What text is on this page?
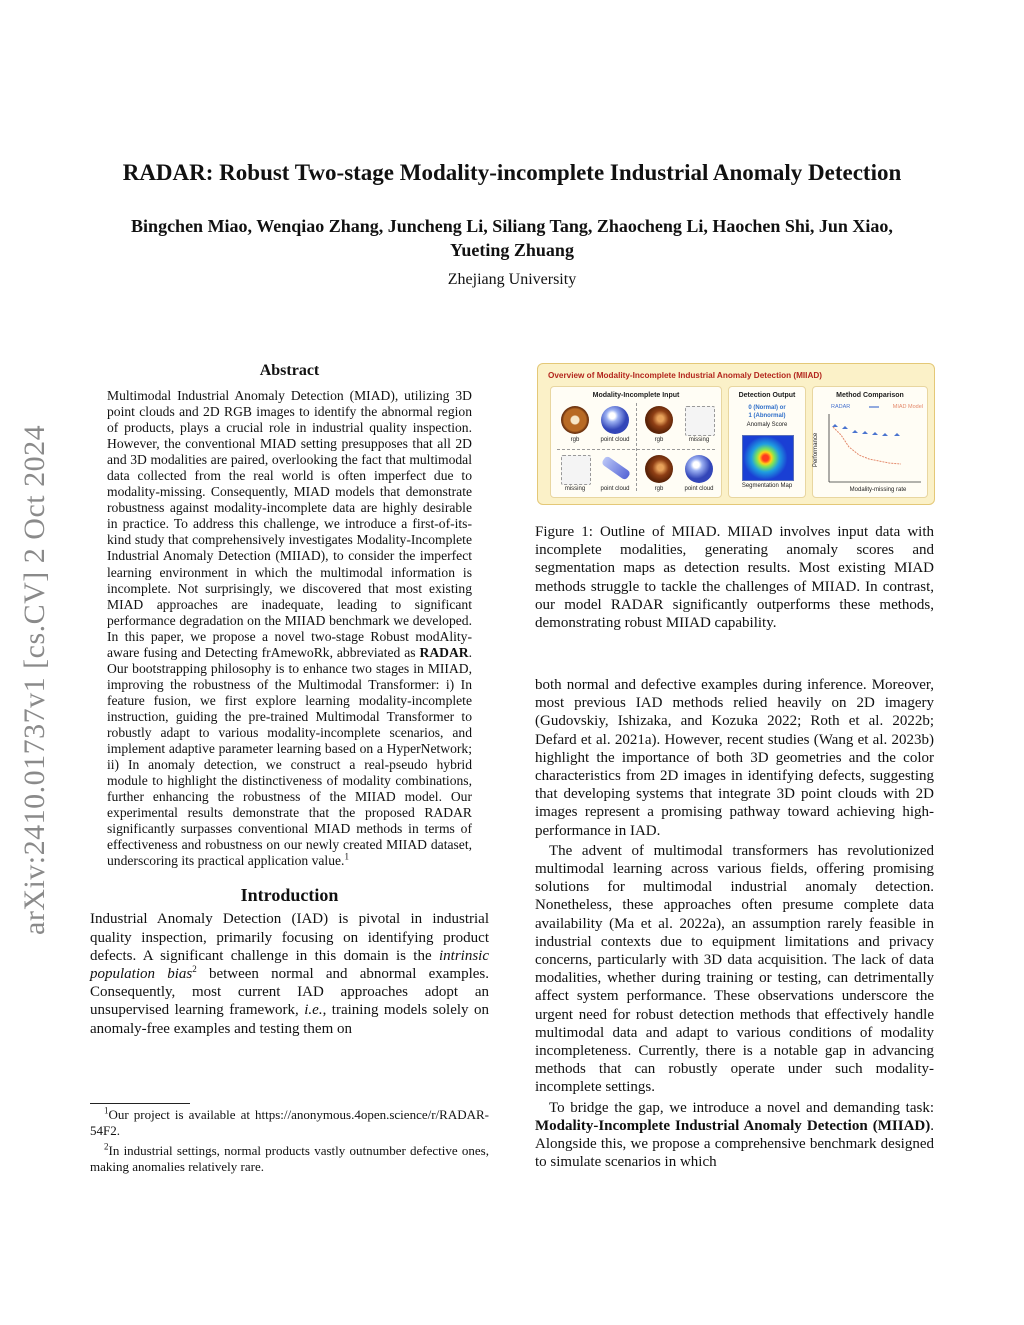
arXiv:2410.01737v1 [cs.CV] 2 Oct 2024
RADAR: Robust Two-stage Modality-incomplete Industrial Anomaly Detection

Bingchen Miao, Wenqiao Zhang, Juncheng Li, Siliang Tang, Zhaocheng Li, Haochen Shi, Jun Xiao, Yueting Zhuang

Zhejiang University

Abstract

Multimodal Industrial Anomaly Detection (MIAD), utilizing 3D point clouds and 2D RGB images to identify the abnormal region of products, plays a crucial role in industrial quality inspection. However, the conventional MIAD setting presupposes that all 2D and 3D modalities are paired, overlooking the fact that multimodal data collected from the real world is often imperfect due to modality-missing. Consequently, MIAD models that demonstrate robustness against modality-incomplete data are highly desirable in practice. To address this challenge, we introduce a first-of-its-kind study that comprehensively investigates Modality-Incomplete Industrial Anomaly Detection (MIIAD), to consider the imperfect learning environment in which the multimodal information is incomplete. Not surprisingly, we discovered that most existing MIAD approaches are inadequate, leading to significant performance degradation on the MIIAD benchmark we developed. In this paper, we propose a novel two-stage Robust modAlity-aware fusing and Detecting frAmewoRk, abbreviated as RADAR. Our bootstrapping philosophy is to enhance two stages in MIIAD, improving the robustness of the Multimodal Transformer: i) In feature fusion, we first explore learning modality-incomplete instruction, guiding the pre-trained Multimodal Transformer to robustly adapt to various modality-incomplete scenarios, and implement adaptive parameter learning based on a HyperNetwork; ii) In anomaly detection, we construct a real-pseudo hybrid module to highlight the distinctiveness of modality combinations, further enhancing the robustness of the MIIAD model. Our experimental results demonstrate that the proposed RADAR significantly surpasses conventional MIAD methods in terms of effectiveness and robustness on our newly created MIIAD dataset, underscoring its practical application value.$^1$

Introduction

Industrial Anomaly Detection (IAD) is pivotal in industrial quality inspection, primarily focusing on identifying product defects. A significant challenge in this domain is the intrinsic population bias$^2$ between normal and abnormal examples. Consequently, most current IAD approaches adopt an unsupervised learning framework, i.e., training models solely on anomaly-free examples and testing them on

$^1$Our project is available at https://anonymous.4open.science/r/RADAR-54F2.

$^2$In industrial settings, normal products vastly outnumber defective ones, making anomalies relatively rare.

Overview of Modality-Incomplete Industrial Anomaly Detection (MIIAD)
Modality-Incomplete Input
rgb	point cloud	rgb	missing
missing	point cloud	rgb	point cloud
Detection Output
0 (Normal) or
1 (Abnormal)
Anomaly Score
Segmentation Map
Method Comparison
RADAR	MIAD Model
Performance
Modality-missing rate

Figure 1: Outline of MIIAD. MIIAD involves input data with incomplete modalities, generating anomaly scores and segmentation maps as detection results. Most existing MIAD methods struggle to tackle the challenges of MIIAD. In contrast, our model RADAR significantly outperforms these methods, demonstrating robust MIIAD capability.

both normal and defective examples during inference. Moreover, most previous IAD methods relied heavily on 2D imagery (Gudovskiy, Ishizaka, and Kozuka 2022; Roth et al. 2022b; Defard et al. 2021a). However, recent studies (Wang et al. 2023b) highlight the importance of both 3D geometries and the color characteristics from 2D images in identifying defects, suggesting that developing systems that integrate 3D point clouds with 2D images represent a promising pathway toward achieving high-performance in IAD.

The advent of multimodal transformers has revolutionized multimodal learning across various fields, offering promising solutions for multimodal industrial anomaly detection. Nonetheless, these approaches often presume complete data availability (Ma et al. 2022a), an assumption rarely feasible in industrial contexts due to equipment limitations and privacy concerns, particularly with 3D data acquisition. The lack of data modalities, whether during training or testing, can detrimentally affect system performance. These observations underscore the urgent need for robust detection methods that effectively handle multimodal data and adapt to various conditions of modality incompleteness. Currently, there is a notable gap in advancing methods that can robustly operate under such modality-incomplete settings.

To bridge the gap, we introduce a novel and demanding task: Modality-Incomplete Industrial Anomaly Detection (MIIAD). Alongside this, we propose a comprehensive benchmark designed to simulate scenarios in which
